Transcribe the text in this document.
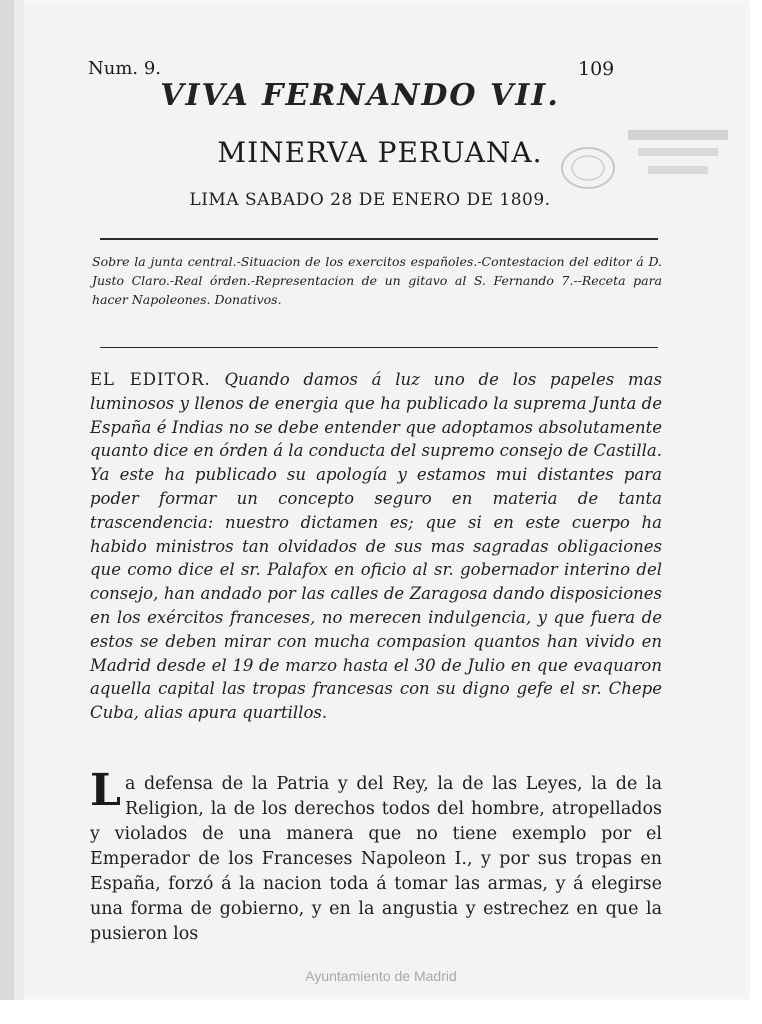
Num. 9.	109
VIVA FERNANDO VII.
MINERVA PERUANA.
LIMA SABADO 28 DE ENERO DE 1809.
Sobre la junta central.-Situacion de los exercitos españoles.-Contestacion del editor á D. Justo Claro.-Real órden.-Representacion de un gitavo al S. Fernando 7.--Receta para hacer Napoleones. Donativos.
EL EDITOR. Quando damos á luz uno de los papeles mas luminosos y llenos de energia que ha publicado la suprema Junta de España é Indias no se debe entender que adoptamos absolutamente quanto dice en órden á la conducta del supremo consejo de Castilla. Ya este ha publicado su apología y estamos mui distantes para poder formar un concepto seguro en materia de tanta trascendencia: nuestro dictamen es; que si en este cuerpo ha habido ministros tan olvidados de sus mas sagradas obligaciones que como dice el sr. Palafox en oficio al sr. gobernador interino del consejo, han andado por las calles de Zaragosa dando disposiciones en los exércitos franceses, no merecen indulgencia, y que fuera de estos se deben mirar con mucha compasion quantos han vivido en Madrid desde el 19 de marzo hasta el 30 de Julio en que evaquaron aquella capital las tropas francesas con su digno gefe el sr. Chepe Cuba, alias apura quartillos.
L a defensa de la Patria y del Rey, la de las Leyes, la de la Religion, la de los derechos todos del hombre, atropellados y violados de una manera que no tiene exemplo por el Emperador de los Franceses Napoleon I., y por sus tropas en España, forzó á la nacion toda á tomar las armas, y á elegirse una forma de gobierno, y en la angustia y estrechez en que la pusieron los
Ayuntamiento de Madrid
